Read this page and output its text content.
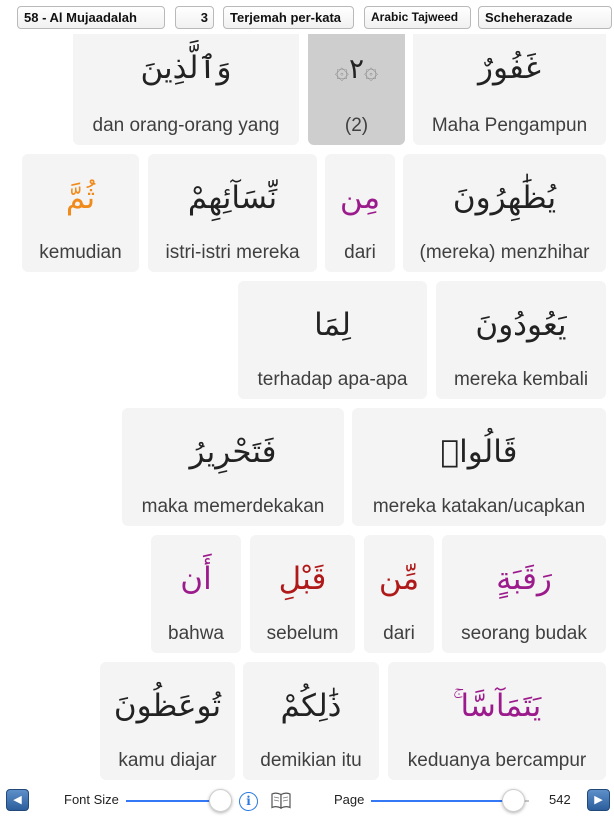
58 - Al Mujaadalah	3	Terjemah per-kata	Arabic Tajweed	Scheherazade
وَٱلَّذِينَ
dan orang-orang yang
۞٢۞
(2)
غَفُورٌ
Maha Pengampun
ثُمَّ
kemudian
نِّسَآئِهِمْ
istri-istri mereka
مِن
dari
يُظَٰهِرُونَ
(mereka) menzhihar
لِمَا
terhadap apa-apa
يَعُودُونَ
mereka kembali
فَتَحْرِيرُ
maka memerdekakan
قَالُوا۟
mereka katakan/ucapkan
أَن
bahwa
قَبْلِ
sebelum
مِّن
dari
رَقَبَةٍ
seorang budak
تُوعَظُونَ
kamu diajar
ذَٰلِكُمْ
demikian itu
يَتَمَآسَّا ۚ
keduanya bercampur
◀	Font Size	i	Page	542	▶
